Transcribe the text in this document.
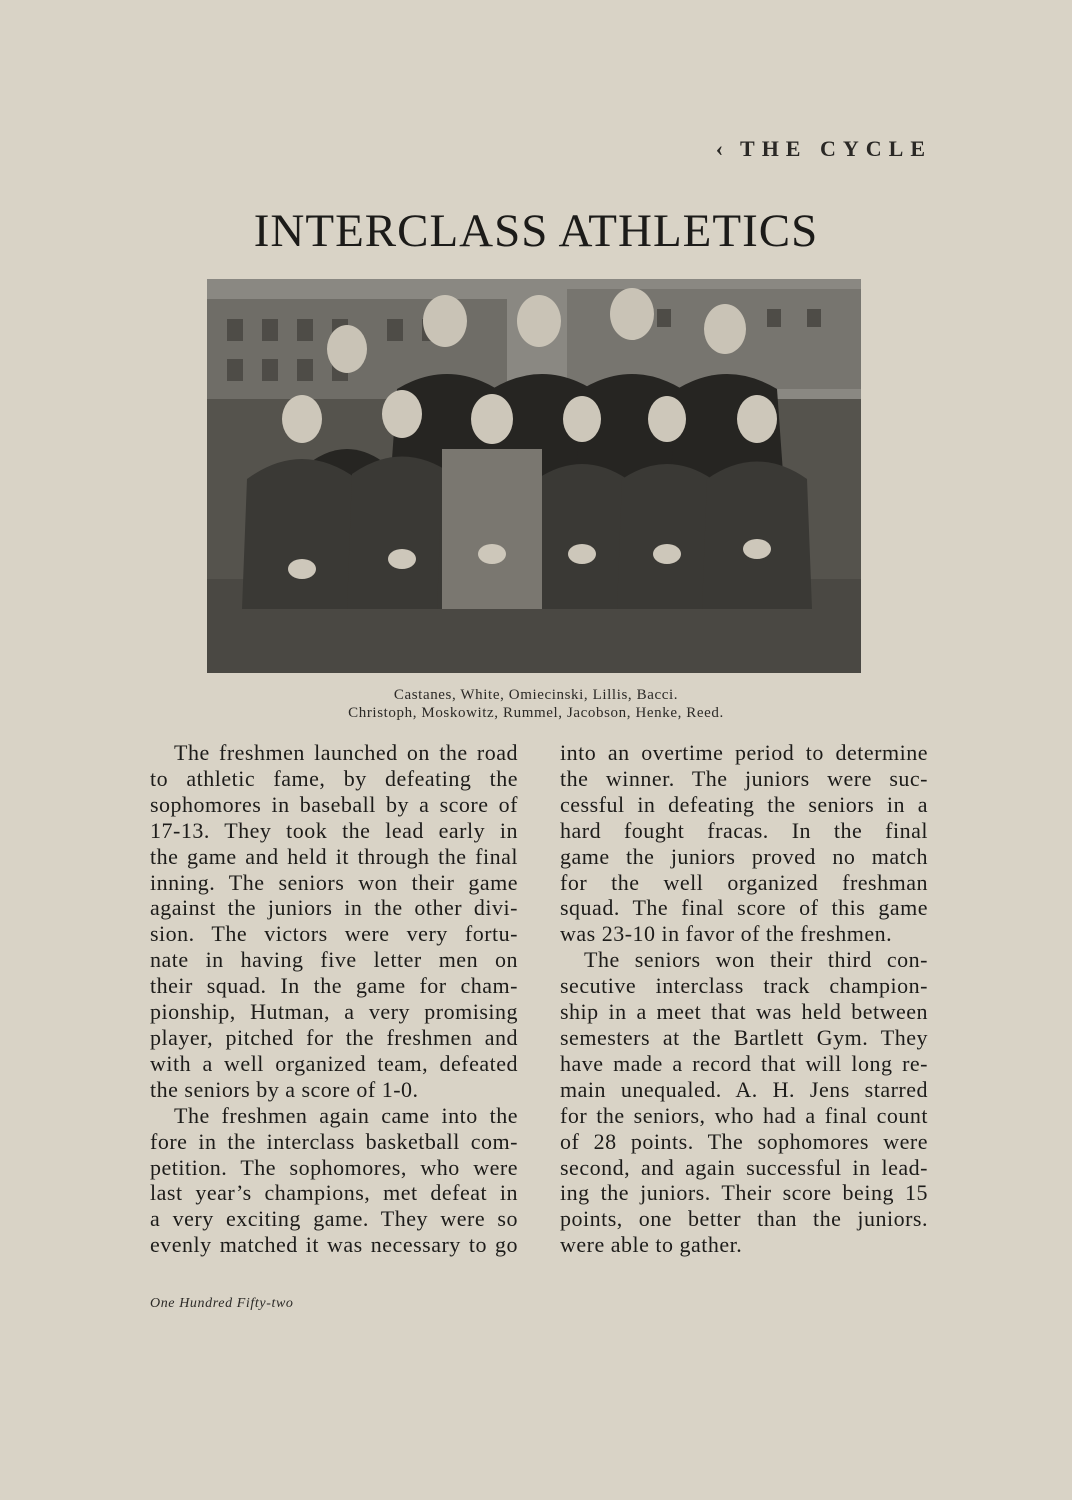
‹ THE CYCLE
INTERCLASS ATHLETICS
Castanes, White, Omiecinski, Lillis, Bacci.
Christoph, Moskowitz, Rummel, Jacobson, Henke, Reed.
The freshmen launched on the road
to athletic fame, by defeating the
sophomores in baseball by a score of
17-13. They took the lead early in
the game and held it through the final
inning. The seniors won their game
against the juniors in the other divi-
sion. The victors were very fortu-
nate in having five letter men on
their squad. In the game for cham-
pionship, Hutman, a very promising
player, pitched for the freshmen and
with a well organized team, defeated
the seniors by a score of 1-0.
The freshmen again came into the
fore in the interclass basketball com-
petition. The sophomores, who were
last year’s champions, met defeat in
a very exciting game. They were so
evenly matched it was necessary to go
into an overtime period to determine
the winner. The juniors were suc-
cessful in defeating the seniors in a
hard fought fracas. In the final
game the juniors proved no match
for the well organized freshman
squad. The final score of this game
was 23-10 in favor of the freshmen.
The seniors won their third con-
secutive interclass track champion-
ship in a meet that was held between
semesters at the Bartlett Gym. They
have made a record that will long re-
main unequaled. A. H. Jens starred
for the seniors, who had a final count
of 28 points. The sophomores were
second, and again successful in lead-
ing the juniors. Their score being 15
points, one better than the juniors.
were able to gather.
One Hundred Fifty-two
